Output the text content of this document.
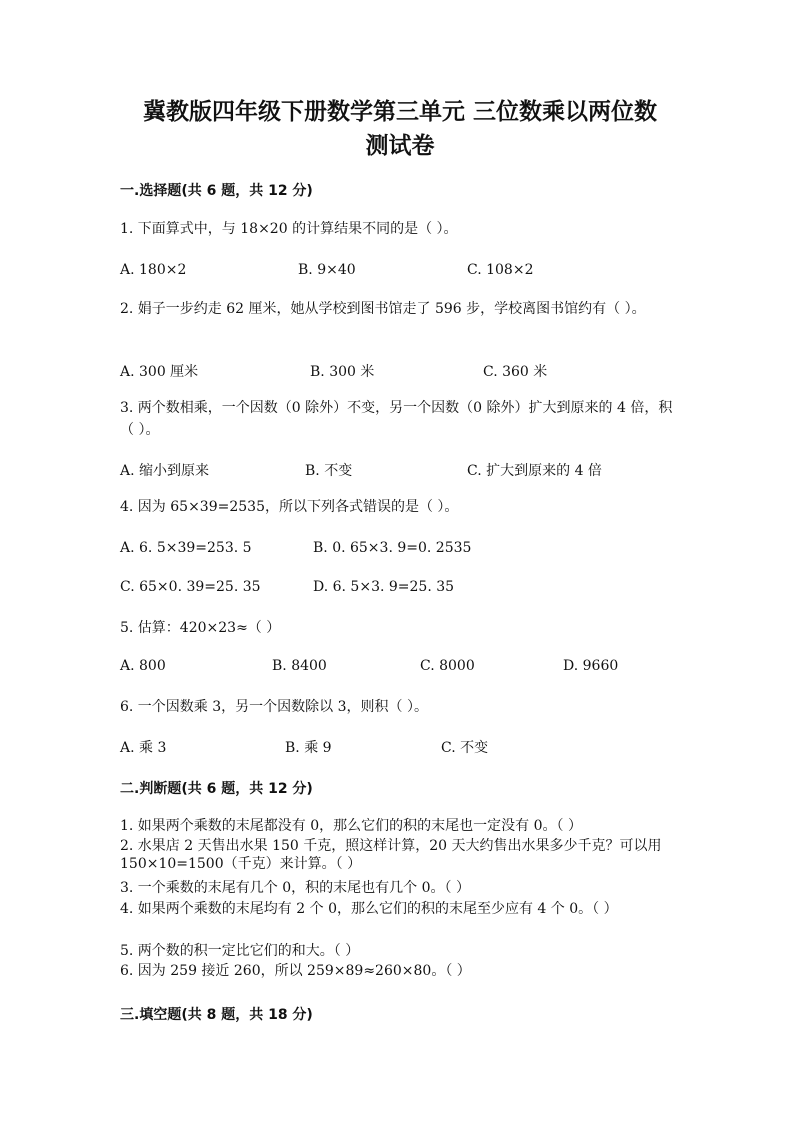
冀教版四年级下册数学第三单元 三位数乘以两位数
测试卷
一.选择题(共 6 题，共 12 分)
1. 下面算式中，与 18×20 的计算结果不同的是（ ）。
A. 180×2	B. 9×40	C. 108×2
2. 娟子一步约走 62 厘米，她从学校到图书馆走了 596 步，学校离图书馆约有（ ）。
A. 300 厘米	B. 300 米	C. 360 米
3. 两个数相乘，一个因数（0 除外）不变，另一个因数（0 除外）扩大到原来的 4 倍，积（ ）。
A. 缩小到原来	B. 不变	C. 扩大到原来的 4 倍
4. 因为 65×39=2535，所以下列各式错误的是（ ）。
A. 6. 5×39=253. 5	B. 0. 65×3. 9=0. 2535
C. 65×0. 39=25. 35	D. 6. 5×3. 9=25. 35
5. 估算：420×23≈（ ）
A. 800	B. 8400	C. 8000	D. 9660
6. 一个因数乘 3，另一个因数除以 3，则积（ ）。
A. 乘 3	B. 乘 9	C. 不变
二.判断题(共 6 题，共 12 分)
1. 如果两个乘数的末尾都没有 0，那么它们的积的末尾也一定没有 0。（ ）
2. 水果店 2 天售出水果 150 千克，照这样计算，20 天大约售出水果多少千克？可以用 150×10=1500（千克）来计算。（ ）
3. 一个乘数的末尾有几个 0，积的末尾也有几个 0。（ ）
4. 如果两个乘数的末尾均有 2 个 0，那么它们的积的末尾至少应有 4 个 0。（ ）
5. 两个数的积一定比它们的和大。（ ）
6. 因为 259 接近 260，所以 259×89≈260×80。（ ）
三.填空题(共 8 题，共 18 分)
